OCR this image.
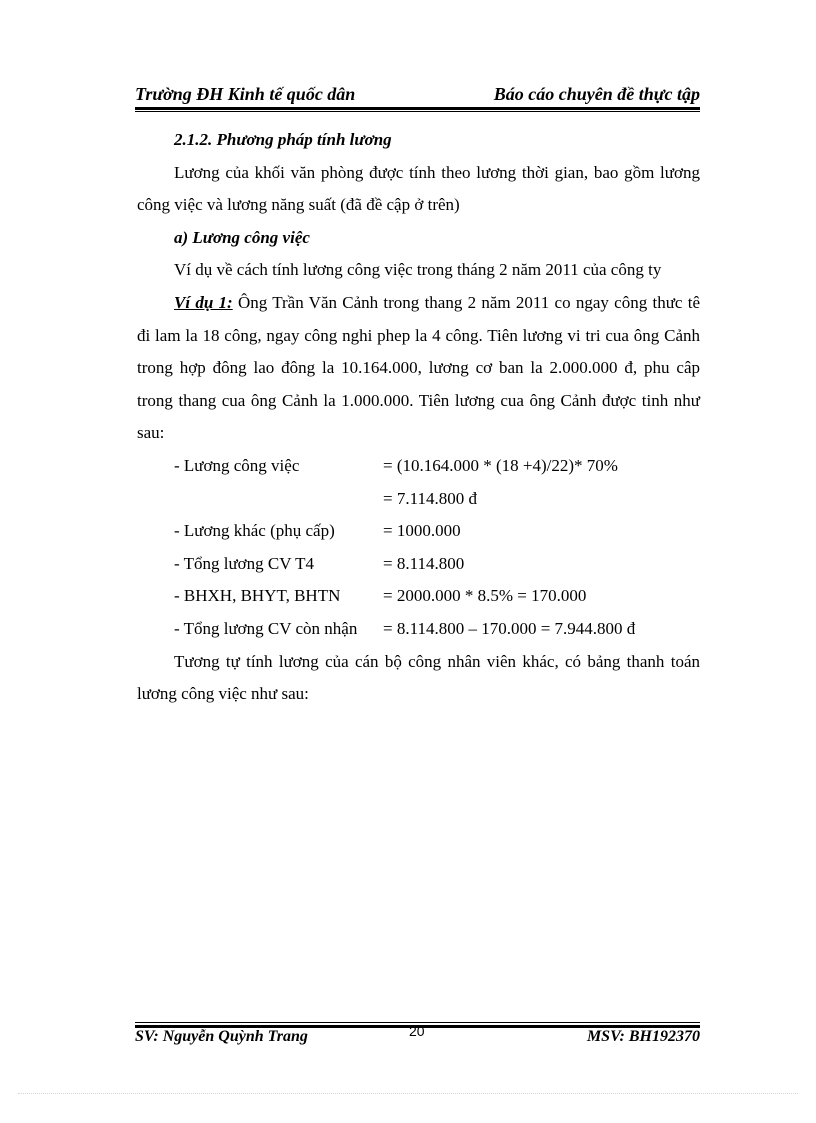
Trường ĐH Kinh tế quốc dân	Báo cáo chuyên đề thực tập

2.1.2. Phương pháp tính lương

Lương của khối văn phòng được tính theo lương thời gian, bao gồm lương công việc và lương năng suất (đã đề cập ở trên)

a) Lương công việc

Ví dụ về cách tính lương công việc trong tháng 2 năm 2011 của công ty

Ví dụ 1: Ông Trần Văn Cảnh trong thang 2 năm 2011 co ngay công thưc tê đi lam la 18 công, ngay công nghi phep la 4 công. Tiên lương vi tri cua ông Cảnh trong hợp đông lao đông la 10.164.000, lương cơ ban la 2.000.000 đ, phu câp trong thang cua ông Cảnh la 1.000.000. Tiên lương cua ông Cảnh được tinh như sau:

- Lương công việc	= (10.164.000 * (18 +4)/22)* 70%
= 7.114.800 đ
- Lương khác (phụ cấp)	= 1000.000
- Tổng lương CV T4	= 8.114.800
- BHXH, BHYT, BHTN	= 2000.000 * 8.5% = 170.000
- Tổng lương CV còn nhận = 8.114.800 – 170.000 = 7.944.800 đ

Tương tự tính lương của cán bộ công nhân viên khác, có bảng thanh toán lương công việc như sau:

SV: Nguyễn Quỳnh Trang	20	MSV: BH192370
